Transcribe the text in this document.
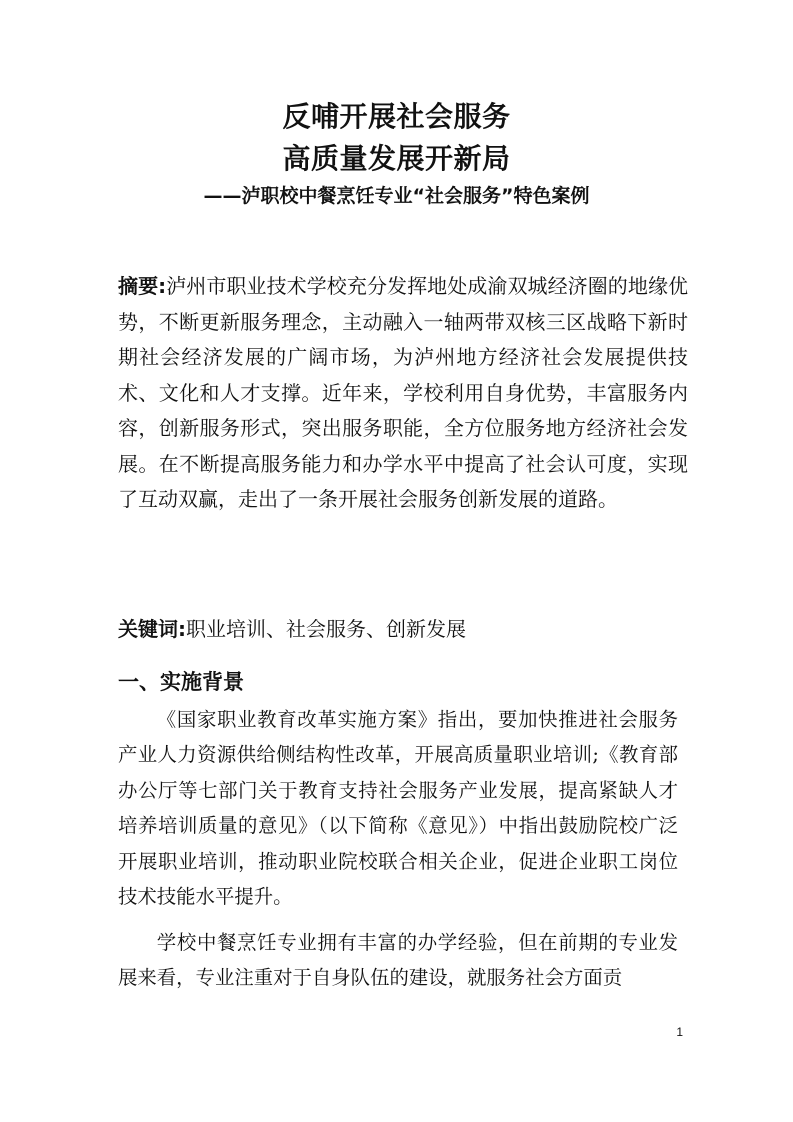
反哺开展社会服务
高质量发展开新局
——泸职校中餐烹饪专业“社会服务”特色案例
摘要:泸州市职业技术学校充分发挥地处成渝双城经济圈的地缘优势，不断更新服务理念，主动融入一轴两带双核三区战略下新时期社会经济发展的广阔市场，为泸州地方经济社会发展提供技术、文化和人才支撑。近年来，学校利用自身优势，丰富服务内容，创新服务形式，突出服务职能，全方位服务地方经济社会发展。在不断提高服务能力和办学水平中提高了社会认可度，实现了互动双赢，走出了一条开展社会服务创新发展的道路。
关键词:职业培训、社会服务、创新发展
一、实施背景
《国家职业教育改革实施方案》指出，要加快推进社会服务产业人力资源供给侧结构性改革，开展高质量职业培训;《教育部办公厅等七部门关于教育支持社会服务产业发展，提高紧缺人才培养培训质量的意见》（以下简称《意见》）中指出鼓励院校广泛开展职业培训，推动职业院校联合相关企业，促进企业职工岗位技术技能水平提升。
学校中餐烹饪专业拥有丰富的办学经验，但在前期的专业发展来看，专业注重对于自身队伍的建设，就服务社会方面贡
1
